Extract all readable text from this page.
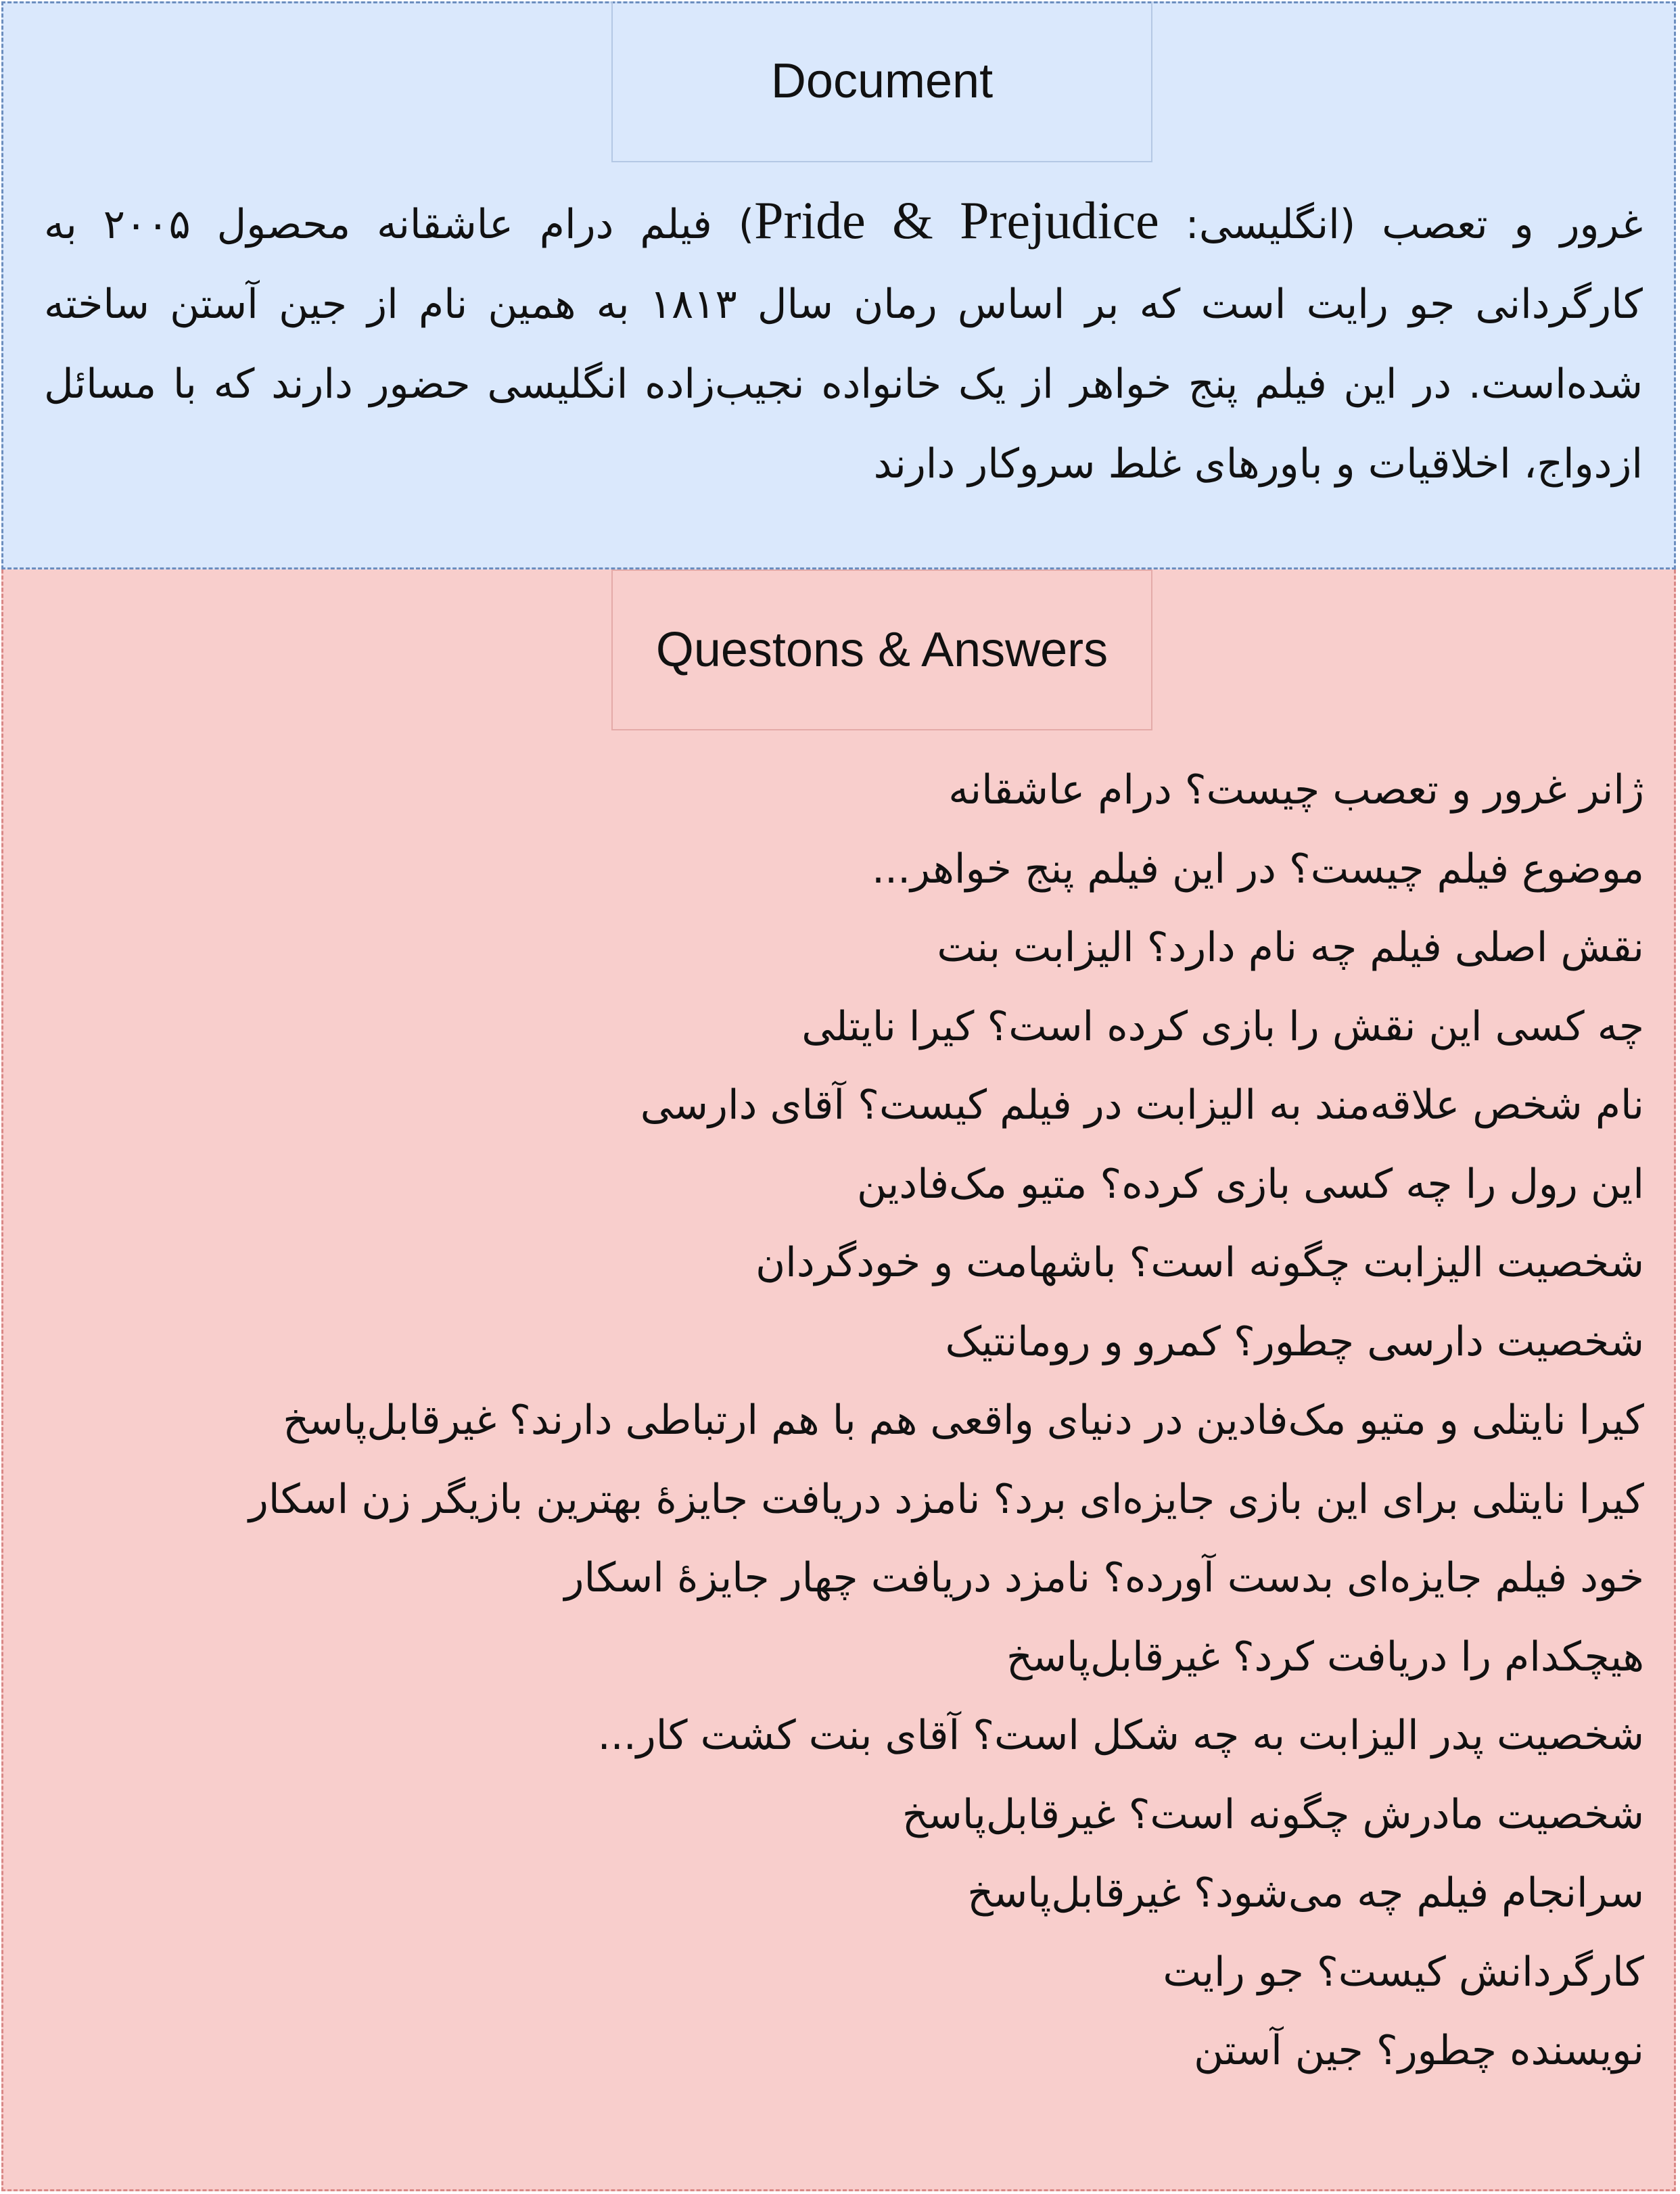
Document
غرور و تعصب (انگلیسی: Pride & Prejudice) فیلم درام عاشقانه محصول ۲۰۰۵ به کارگردانی جو رایت است که بر اساس رمان سال ۱۸۱۳ به همین نام از جین آستن ساخته شده‌است. در این فیلم پنج خواهر از یک خانواده نجیب‌زاده انگلیسی حضور دارند که با مسائل ازدواج، اخلاقیات و باورهای غلط سروکار دارند
Questons & Answers
ژانر غرور و تعصب چیست؟ درام عاشقانه
موضوع فیلم چیست؟ در این فیلم پنج خواهر...
نقش اصلی فیلم چه نام دارد؟ الیزابت بنت
چه کسی این نقش را بازی کرده است؟ کیرا نایتلی
نام شخص علاقه‌مند به الیزابت در فیلم کیست؟ آقای دارسی
این رول را چه کسی بازی کرده؟ متیو مک‌فادین
شخصیت الیزابت چگونه است؟ باشهامت و خودگردان
شخصیت دارسی چطور؟ کمرو و رومانتیک
کیرا نایتلی و متیو مک‌فادین در دنیای واقعی هم با هم ارتباطی دارند؟ غیرقابل‌پاسخ
کیرا نایتلی برای این بازی جایزه‌ای برد؟ نامزد دریافت جایزهٔ بهترین بازیگر زن اسکار
خود فیلم جایزه‌ای بدست آورده؟ نامزد دریافت چهار جایزهٔ اسکار
هیچکدام را دریافت کرد؟ غیرقابل‌پاسخ
شخصیت پدر الیزابت به چه شکل است؟ آقای بنت کشت کار...
شخصیت مادرش چگونه است؟ غیرقابل‌پاسخ
سرانجام فیلم چه می‌شود؟ غیرقابل‌پاسخ
کارگردانش کیست؟ جو رایت
نویسنده چطور؟ جین آستن
